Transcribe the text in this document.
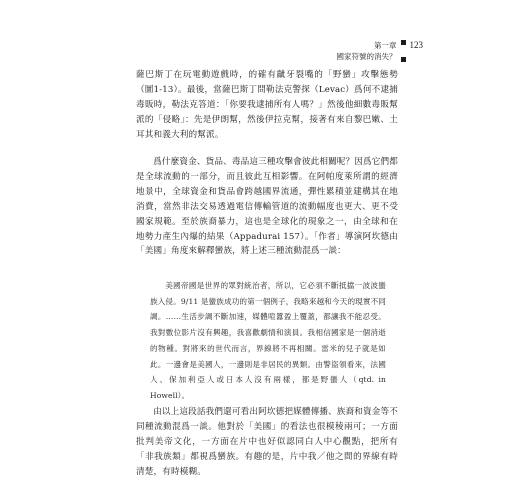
第一章
國家符號的消失？
123

薩巴斯丁在玩電動遊戲時，的確有齜牙裂嘴的「野蠻」攻擊態勢（圖1-13）。最後，當薩巴斯丁問勒法克警探（Levac）爲何不逮捕毒販時，勒法克答道：「你要我逮捕所有人嗎？」然後他細數毒販幫派的「侵略」：先是伊朗幫，然後伊拉克幫，接著有來自黎巴嫩、土耳其和義大利的幫派。

爲什麼資金、貨品、毒品這三種攻擊會彼此相關呢？因爲它們都是全球流動的一部分，而且彼此互相影響。在阿帕度萊所謂的經濟地景中，全球資金和貨品會跨越國界流通，彈性累積並建構其在地消費，當然非法交易透過電信傳輸管道的流動幅度也更大、更不受國家規範。至於族裔暴力，這也是全球化的現象之一，由全球和在地勢力產生內爆的結果（Appadurai 157）。「作者」導演阿坎德由「美國」角度來解釋蠻族，將上述三種流動混爲一談：

美國帝國是世界的眾對統治者，所以，它必須不斷抵擋一波波蠻族入侵。9/11 是蠻族成功的第一個例子，我略來越和今天的現實不同調。……生活步調不斷加速，媒體喧囂盈上覆蓋，都讓我不能忍受。我對數位影片沒有興趣，我喜歡劇情和演員。我相信國家是一個消逝的物種。對將來的世代而言，界線將不再相關。雷米的兒子就是如此。一邊會是美國人，一邊則是非居民的異類。由警盜領看來，法國人、保加利亞人或日本人沒有兩樣，都是野蠻人（qtd. in Howell）。

由以上這段話我們還可看出阿坎德把媒體傳播、族裔和資金等不同種流動混爲一談。他對於「美國」的看法也很模稜兩可；一方面批判美帝文化，一方面在片中也好似認同白人中心觀點，把所有「非我族類」都視爲蠻族。有趣的是，片中我／他之間的界線有時清楚，有時模糊。
